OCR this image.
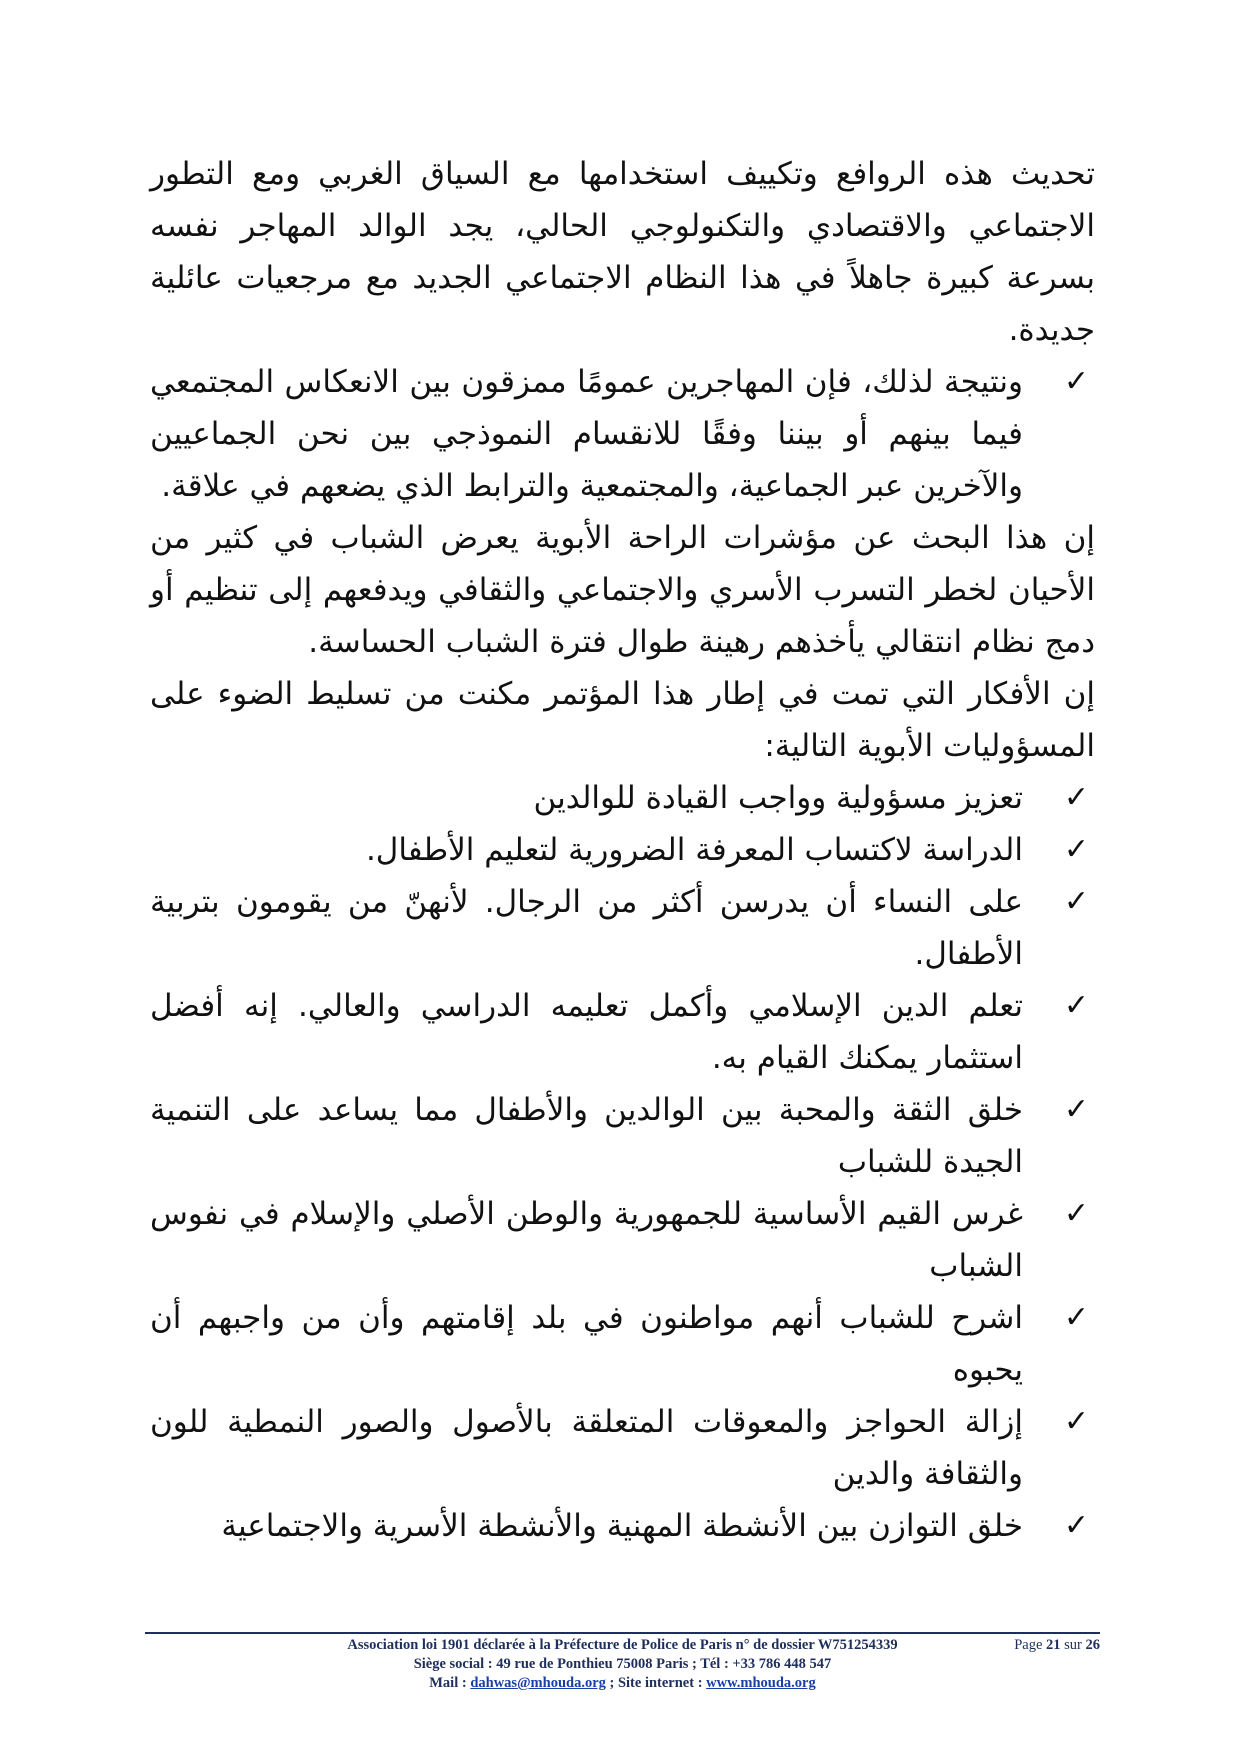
تحديث هذه الروافع وتكييف استخدامها مع السياق الغربي ومع التطور الاجتماعي والاقتصادي والتكنولوجي الحالي، يجد الوالد المهاجر نفسه بسرعة كبيرة جاهلاً في هذا النظام الاجتماعي الجديد مع مرجعيات عائلية جديدة.

✓
ونتيجة لذلك، فإن المهاجرين عمومًا ممزقون بين الانعكاس المجتمعي فيما بينهم أو بيننا وفقًا للانقسام النموذجي بين نحن الجماعيين والآخرين عبر الجماعية، والمجتمعية والترابط الذي يضعهم في علاقة.

إن هذا البحث عن مؤشرات الراحة الأبوية يعرض الشباب في كثير من الأحيان لخطر التسرب الأسري والاجتماعي والثقافي ويدفعهم إلى تنظيم أو دمج نظام انتقالي يأخذهم رهينة طوال فترة الشباب الحساسة.

إن الأفكار التي تمت في إطار هذا المؤتمر مكنت من تسليط الضوء على المسؤوليات الأبوية التالية:

✓
تعزيز مسؤولية وواجب القيادة للوالدين
✓
الدراسة لاكتساب المعرفة الضرورية لتعليم الأطفال.
✓
على النساء أن يدرسن أكثر من الرجال. لأنهنّ من يقومون بتربية الأطفال.
✓
تعلم الدين الإسلامي وأكمل تعليمه الدراسي والعالي. إنه أفضل استثمار يمكنك القيام به.
✓
خلق الثقة والمحبة بين الوالدين والأطفال مما يساعد على التنمية الجيدة للشباب
✓
غرس القيم الأساسية للجمهورية والوطن الأصلي والإسلام في نفوس الشباب
✓
اشرح للشباب أنهم مواطنون في بلد إقامتهم وأن من واجبهم أن يحبوه
✓
إزالة الحواجز والمعوقات المتعلقة بالأصول والصور النمطية للون والثقافة والدين
✓
خلق التوازن بين الأنشطة المهنية والأنشطة الأسرية والاجتماعية
Association loi 1901 déclarée à la Préfecture de Police de Paris n° de dossier W751254339	Page 21 sur 26
Siège social : 49 rue de Ponthieu 75008 Paris ; Tél : +33 786 448 547
Mail : dahwas@mhouda.org ; Site internet : www.mhouda.org
